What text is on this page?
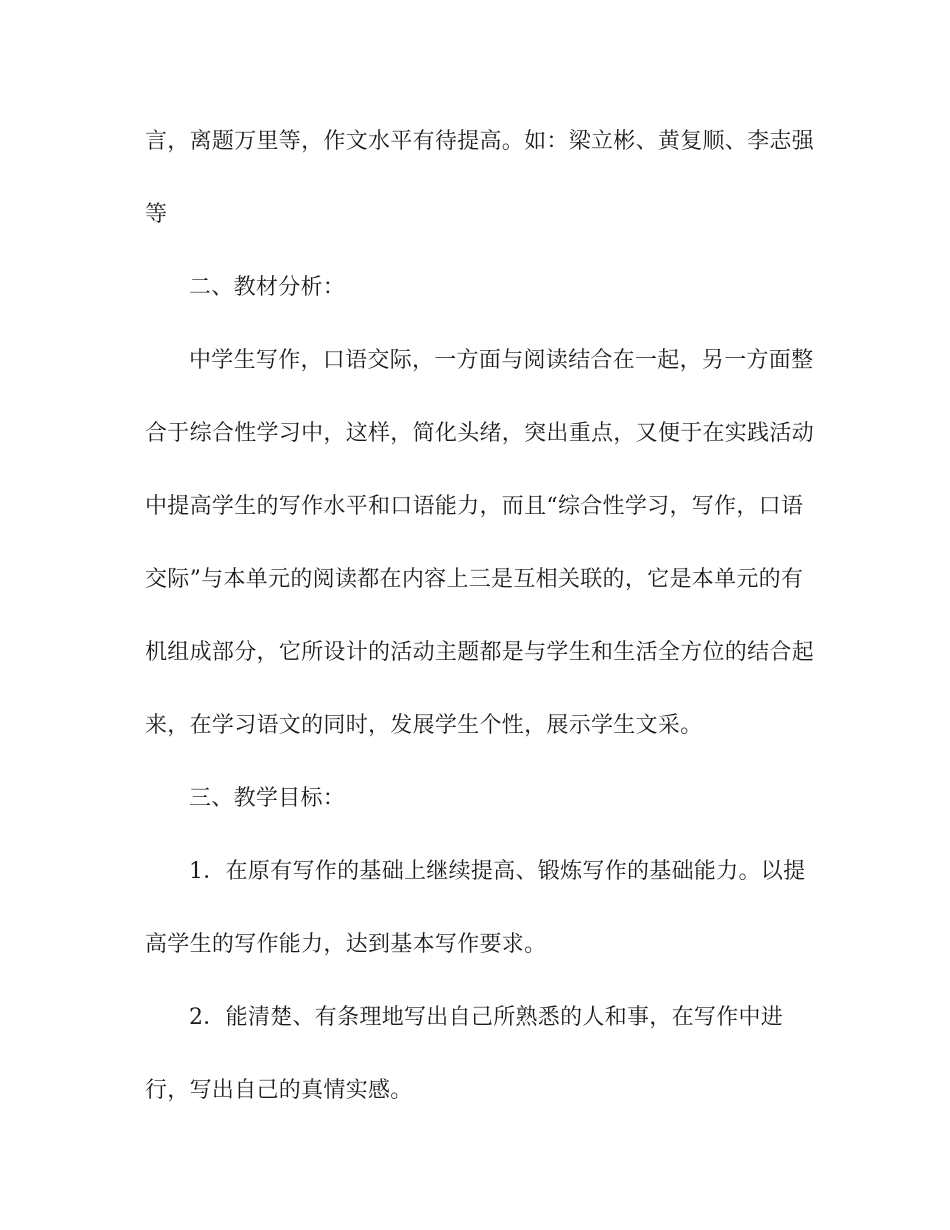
言，离题万里等，作文水平有待提高。如：梁立彬、黄复顺、李志强
等
二、教材分析：
中学生写作，口语交际，一方面与阅读结合在一起，另一方面整
合于综合性学习中，这样，简化头绪，突出重点，又便于在实践活动
中提高学生的写作水平和口语能力，而且“综合性学习，写作，口语
交际”与本单元的阅读都在内容上三是互相关联的，它是本单元的有
机组成部分，它所设计的活动主题都是与学生和生活全方位的结合起
来，在学习语文的同时，发展学生个性，展示学生文采。
三、教学目标：
1．在原有写作的基础上继续提高、锻炼写作的基础能力。以提
高学生的写作能力，达到基本写作要求。
2．能清楚、有条理地写出自己所熟悉的人和事，在写作中进
行，写出自己的真情实感。
